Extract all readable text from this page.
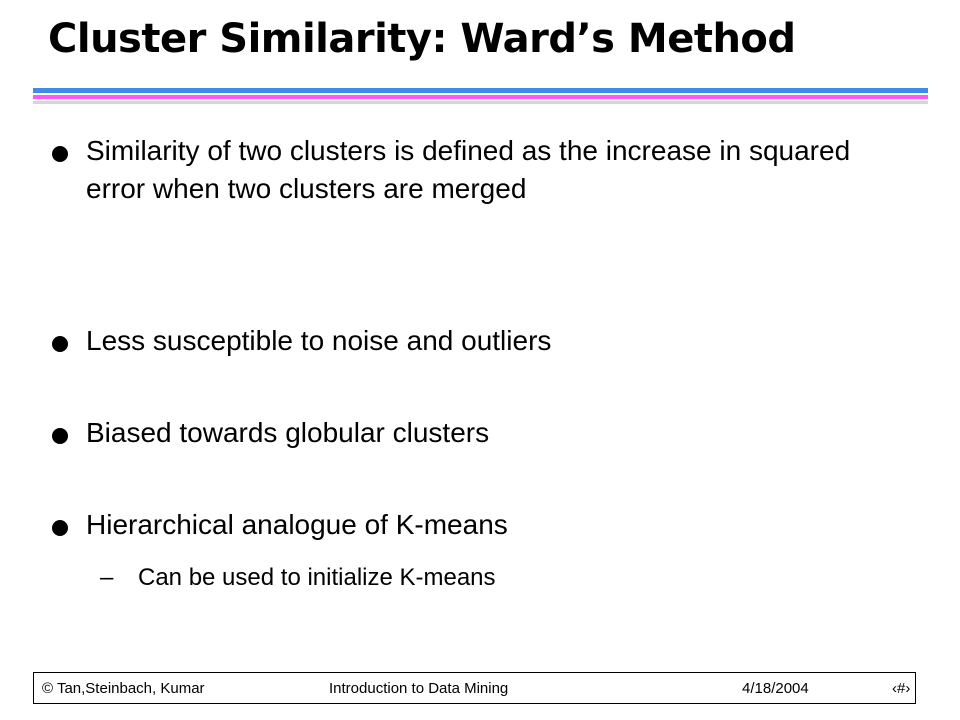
Cluster Similarity: Ward’s Method
Similarity of two clusters is defined as the increase in squared error when two clusters are merged
Less susceptible to noise and outliers
Biased towards globular clusters
Hierarchical analogue of K-means
– Can be used to initialize K-means
© Tan,Steinbach, Kumar	Introduction to Data Mining	4/18/2004	‹#›
